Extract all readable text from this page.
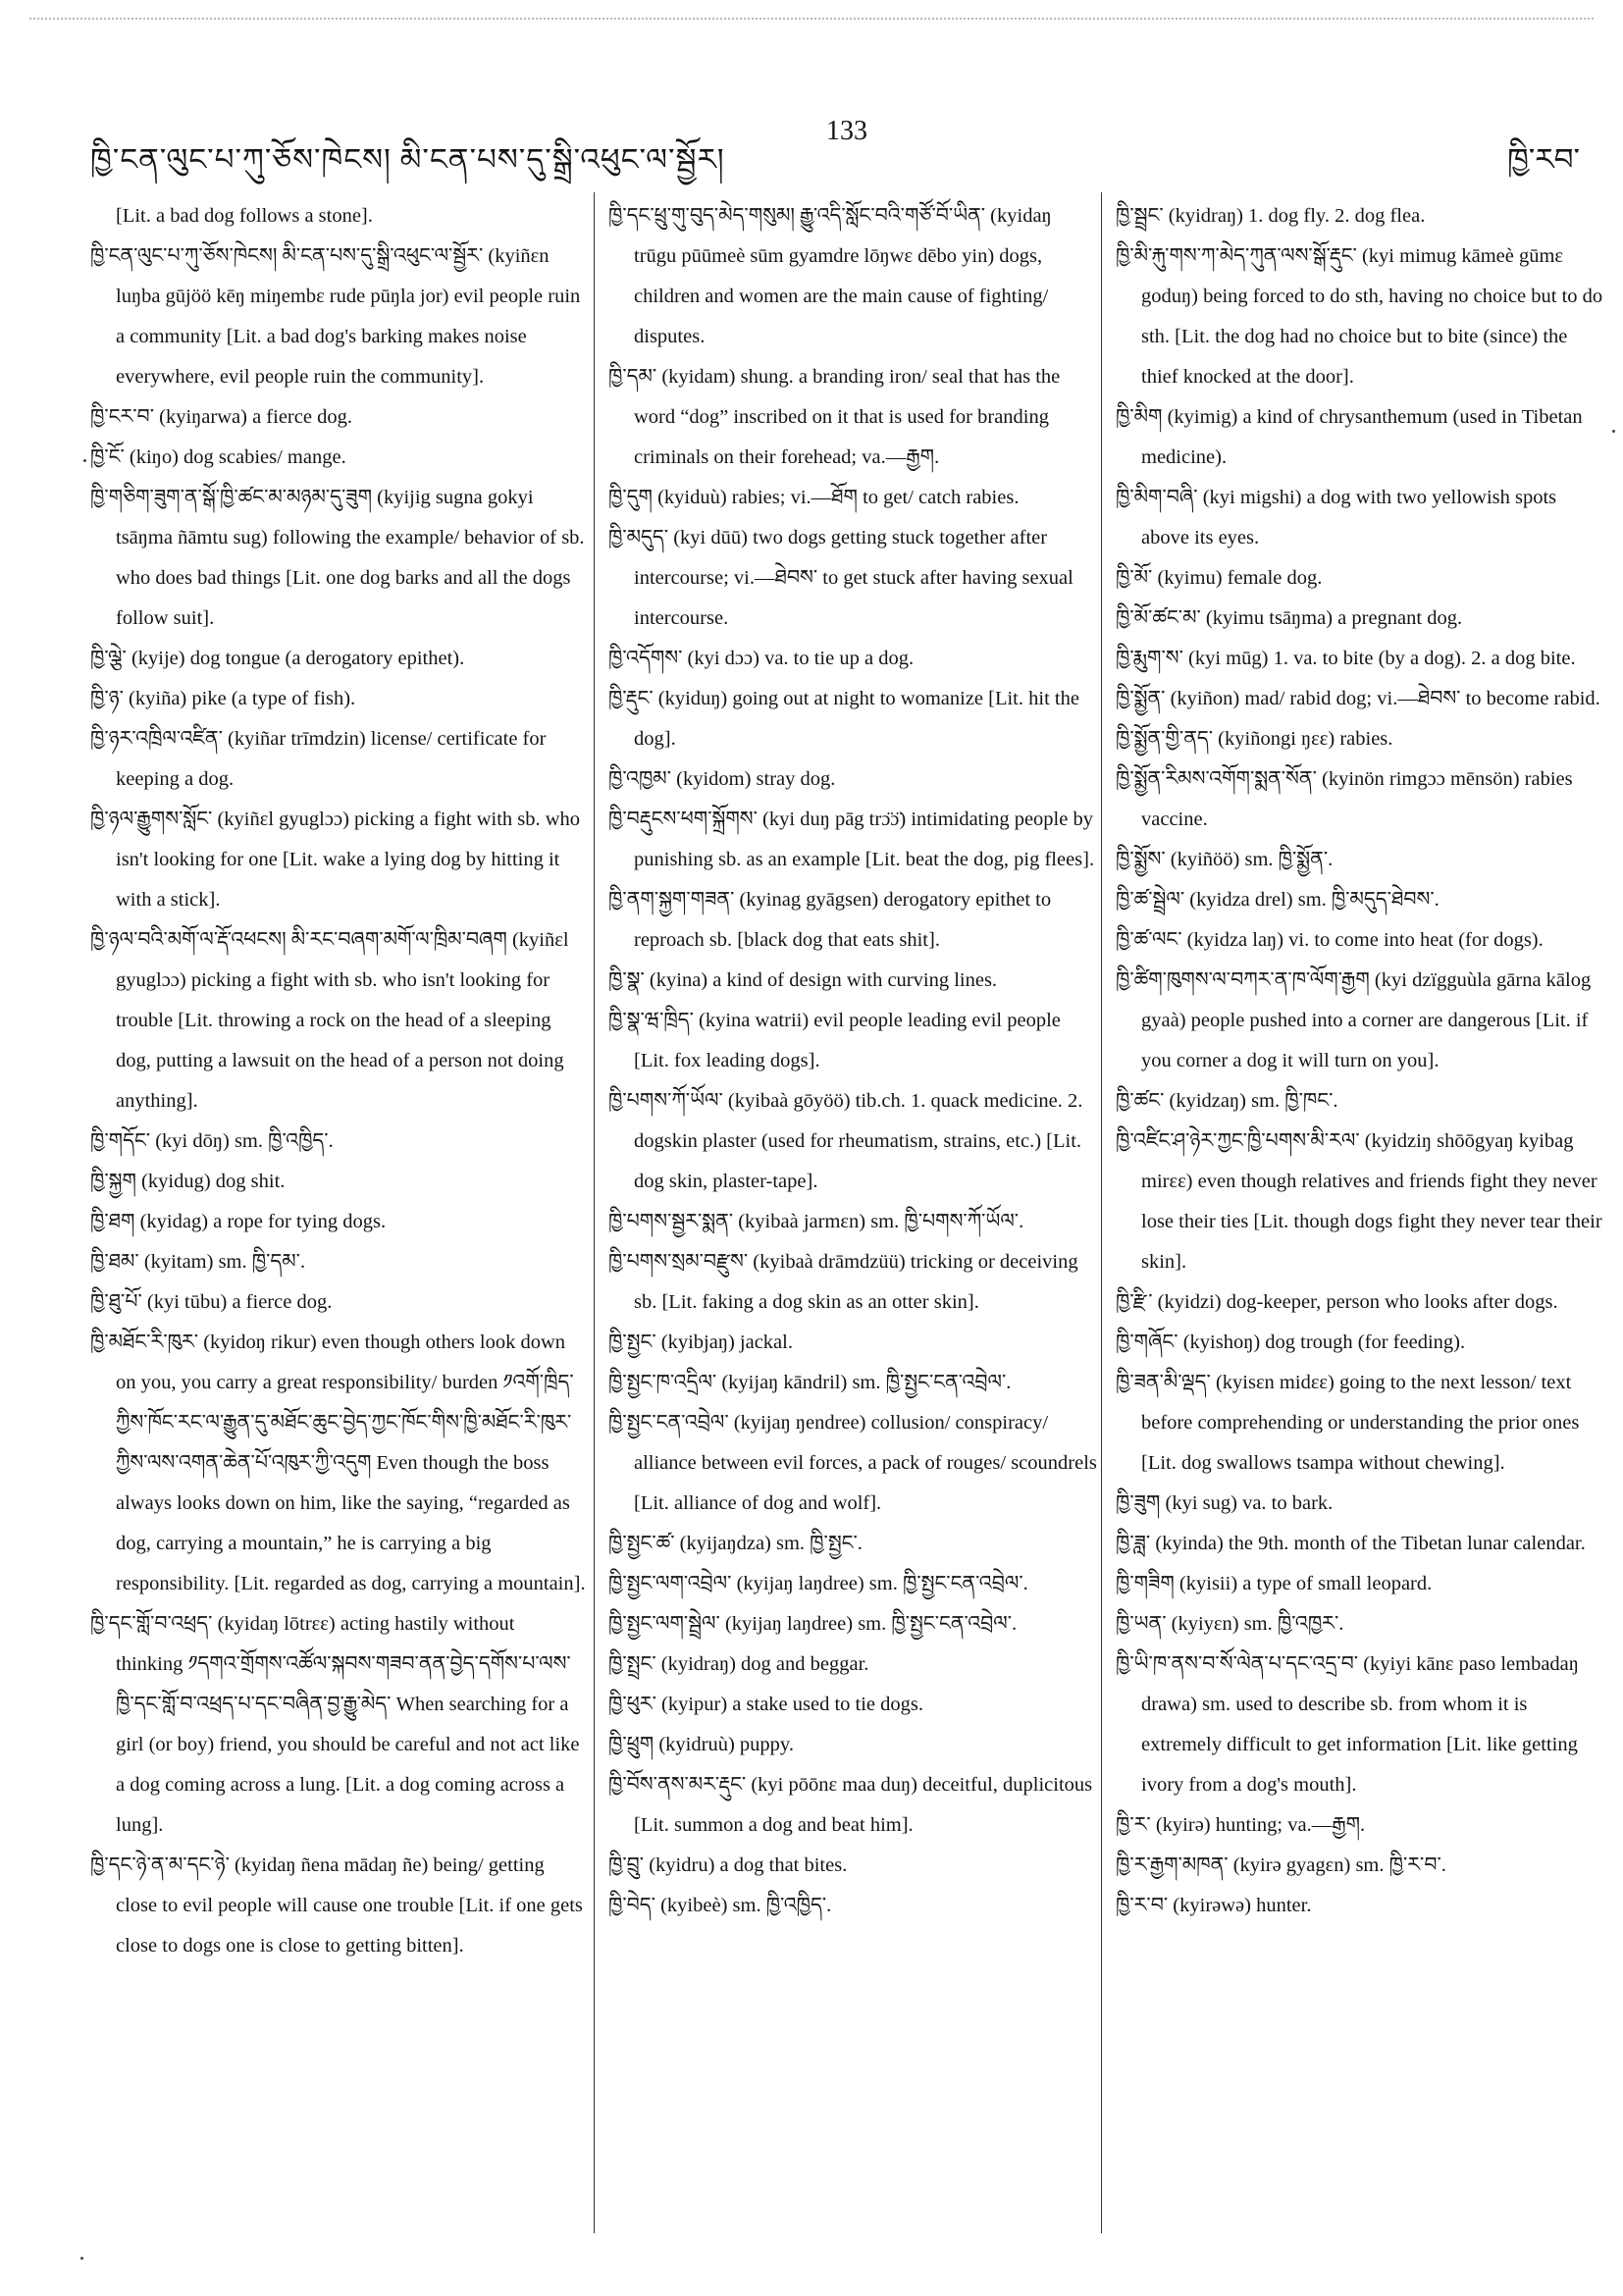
ཁྱི་ངན་ལུང་པ་ཀུ་ཅོས་ཁེངས། མི་ངན་པས་དུ་སྒྲི་འཕུང་ལ་སྦྱོར།
133
ཁྱི་རབ་
[Lit. a bad dog follows a stone].
ཁྱི་ངན་ལུང་པ་ཀུ་ཅོས་ཁེངས། མི་ངན་པས་དུ་སྒྲི་འཕུང་ལ་སྦྱོར་ (kyiñɛn luŋba gūjöö kēŋ miŋembɛ rude pūŋla jor) evil people ruin a community [Lit. a bad dog's barking makes noise everywhere, evil people ruin the community].
ཁྱི་ངར་བ་ (kyiŋarwa) a fierce dog.
ཁྱི་ངོ་ (kiŋo) dog scabies/ mange.
ཁྱི་གཅིག་ཟུག་ན་སྒོ་ཁྱི་ཚང་མ་མཉམ་དུ་ཟུག (kyijig sugna gokyi tsāŋma ñāmtu sug) following the example/ behavior of sb. who does bad things [Lit. one dog barks and all the dogs follow suit].
ཁྱི་ལྕེ་ (kyije) dog tongue (a derogatory epithet).
ཁྱི་ཉ་ (kyiña) pike (a type of fish).
ཁྱི་ཉར་འཁྲིལ་འཛིན་ (kyiñar trīmdzin) license/ certificate for keeping a dog.
ཁྱི་ཉལ་རྒྱུགས་སློང་ (kyiñɛl gyuglɔɔ) picking a fight with sb. who isn't looking for one [Lit. wake a lying dog by hitting it with a stick].
ཁྱི་ཉལ་བའི་མགོ་ལ་རྡོ་འཕངས། མི་རང་བཞག་མགོ་ལ་ཁྲིམ་བཞག (kyiñɛl gyuglɔɔ) picking a fight with sb. who isn't looking for trouble [Lit. throwing a rock on the head of a sleeping dog, putting a lawsuit on the head of a person not doing anything].
ཁྱི་གདོང་ (kyi dōŋ) sm. ཁྱི་འཁྱིད་.
ཁྱི་སྐྱག (kyidug) dog shit.
ཁྱི་ཐག (kyidag) a rope for tying dogs.
ཁྱི་ཐམ་ (kyitam) sm. ཁྱི་དམ་.
ཁྱི་ཐུ་པོ་ (kyi tūbu) a fierce dog.
ཁྱི་མཐོང་རི་ཁུར་ (kyidoŋ rikur) even though others look down on you, you carry a great responsibility/ burden ༡འགོ་ཁྲིད་ཀྱིས་ཁོང་རང་ལ་རྒྱུན་དུ་མཐོང་ཆུང་བྱེད་ཀྱང་ཁོང་གིས་ཁྱི་མཐོང་རི་ཁུར་ཀྱིས་ལས་འགན་ཆེན་པོ་འཁུར་ཀྱི་འདུག Even though the boss always looks down on him, like the saying, “regarded as dog, carrying a mountain,” he is carrying a big responsibility. [Lit. regarded as dog, carrying a mountain].
ཁྱི་དང་གློ་བ་འཕྲད་ (kyidaŋ lōtrɛɛ) acting hastily without thinking ༡དགའ་གྲོགས་འཚོལ་སྐབས་གཟབ་ནན་བྱེད་དགོས་པ་ལས་ཁྱི་དང་གློ་བ་འཕྲད་པ་དང་བཞིན་བྱ་རྒྱུ་མེད་ When searching for a girl (or boy) friend, you should be careful and not act like a dog coming across a lung. [Lit. a dog coming across a lung].
ཁྱི་དང་ཉེ་ན་མ་དང་ཉེ་ (kyidaŋ ñena mādaŋ ñe) being/ getting close to evil people will cause one trouble [Lit. if one gets close to dogs one is close to getting bitten].
ཁྱི་དང་ཕྲུ་གུ་བུད་མེད་གསུམ། རྒྱུ་འདི་སློང་བའི་གཙོ་བོ་ཡིན་ (kyidaŋ trūgu pūūmeè sūm gyamdre lōŋwɛ dēbo yin) dogs, children and women are the main cause of fighting/ disputes.
ཁྱི་དམ་ (kyidam) shung. a branding iron/ seal that has the word “dog” inscribed on it that is used for branding criminals on their forehead; va.—རྒྱག.
ཁྱི་དུག (kyiduù) rabies; vi.—ཐོག to get/ catch rabies.
ཁྱི་མདུད་ (kyi dūū) two dogs getting stuck together after intercourse; vi.—ཐེབས་ to get stuck after having sexual intercourse.
ཁྱི་འདོགས་ (kyi dɔɔ) va. to tie up a dog.
ཁྱི་རྡུང་ (kyiduŋ) going out at night to womanize [Lit. hit the dog].
ཁྱི་འཁྱམ་ (kyidom) stray dog.
ཁྱི་བརྡུངས་ཕག་སྐྲོགས་ (kyi duŋ pāg trɔ̈ɔ̈) intimidating people by punishing sb. as an example [Lit. beat the dog, pig flees].
ཁྱི་ནག་སྐྱག་གཟན་ (kyinag gyāgsen) derogatory epithet to reproach sb. [black dog that eats shit].
ཁྱི་སྣ་ (kyina) a kind of design with curving lines.
ཁྱི་སྣ་ཝ་ཁྲིད་ (kyina watrii) evil people leading evil people [Lit. fox leading dogs].
ཁྱི་པགས་ཀོ་ཡོལ་ (kyibaà gōyöö) tib.ch. 1. quack medicine. 2. dogskin plaster (used for rheumatism, strains, etc.) [Lit. dog skin, plaster-tape].
ཁྱི་པགས་སྦྱར་སྨན་ (kyibaà jarmɛn) sm. ཁྱི་པགས་ཀོ་ཡོལ་.
ཁྱི་པགས་སྲམ་བརྫུས་ (kyibaà drāmdzüü) tricking or deceiving sb. [Lit. faking a dog skin as an otter skin].
ཁྱི་སྤྱང་ (kyibjaŋ) jackal.
ཁྱི་སྤྱང་ཁ་འདྲིལ་ (kyijaŋ kāndril) sm. ཁྱི་སྤྱང་ངན་འབྲེལ་.
ཁྱི་སྤྱང་ངན་འབྲེལ་ (kyijaŋ ŋendree) collusion/ conspiracy/ alliance between evil forces, a pack of rouges/ scoundrels [Lit. alliance of dog and wolf].
ཁྱི་སྤྱང་ཚ་ (kyijaŋdza) sm. ཁྱི་སྤྱང་.
ཁྱི་སྤྱང་ལག་འབྲེལ་ (kyijaŋ laŋdree) sm. ཁྱི་སྤྱང་ངན་འབྲེལ་.
ཁྱི་སྤྱང་ལག་སྦྲེལ་ (kyijaŋ laŋdree) sm. ཁྱི་སྤྱང་ངན་འབྲེལ་.
ཁྱི་སྤྲང་ (kyidraŋ) dog and beggar.
ཁྱི་ཕུར་ (kyipur) a stake used to tie dogs.
ཁྱི་ཕྲུག (kyidruù) puppy.
ཁྱི་བོས་ནས་མར་རྡུང་ (kyi pōōnɛ maa duŋ) deceitful, duplicitous [Lit. summon a dog and beat him].
ཁྱི་བྲུ་ (kyidru) a dog that bites.
ཁྱི་བེད་ (kyibeè) sm. ཁྱི་འཁྱིད་.
ཁྱི་སྦྲང་ (kyidraŋ) 1. dog fly. 2. dog flea.
ཁྱི་མི་རྐུ་གས་ཀ་མེད་ཀུན་ལས་སྒོ་རྡུང་ (kyi mimug kāmeè gūmɛ goduŋ) being forced to do sth, having no choice but to do sth. [Lit. the dog had no choice but to bite (since) the thief knocked at the door].
ཁྱི་མིག (kyimig) a kind of chrysanthemum (used in Tibetan medicine).
ཁྱི་མིག་བཞི་ (kyi migshi) a dog with two yellowish spots above its eyes.
ཁྱི་མོ་ (kyimu) female dog.
ཁྱི་མོ་ཚང་མ་ (kyimu tsāŋma) a pregnant dog.
ཁྱི་རྨུག་ས་ (kyi mūg) 1. va. to bite (by a dog). 2. a dog bite.
ཁྱི་སྨྱོན་ (kyiñon) mad/ rabid dog; vi.—ཐེབས་ to become rabid.
ཁྱི་སྨྱོན་གྱི་ནད་ (kyiñongi ŋɛɛ) rabies.
ཁྱི་སྨྱོན་རིམས་འགོག་སྨན་སོན་ (kyinön rimgɔɔ mēnsön) rabies vaccine.
ཁྱི་སྨྱོས་ (kyiñöö) sm. ཁྱི་སྨྱོན་.
ཁྱི་ཚ་སྦྲེལ་ (kyidza drel) sm. ཁྱི་མདུད་ཐེབས་.
ཁྱི་ཚ་ལང་ (kyidza laŋ) vi. to come into heat (for dogs).
ཁྱི་ཚིག་ཁུགས་ལ་བཀར་ན་ཁ་ལོག་རྒྱག (kyi dzïgguùla gārna kālog gyaà) people pushed into a corner are dangerous [Lit. if you corner a dog it will turn on you].
ཁྱི་ཚང་ (kyidzaŋ) sm. ཁྱི་ཁང་.
ཁྱི་འཛིང་ཤ་ཉེར་ཀྱང་ཁྱི་པགས་མི་རལ་ (kyidziŋ shōōgyaŋ kyibag mirɛɛ) even though relatives and friends fight they never lose their ties [Lit. though dogs fight they never tear their skin].
ཁྱི་རྫི་ (kyidzi) dog-keeper, person who looks after dogs.
ཁྱི་གཞོང་ (kyishoŋ) dog trough (for feeding).
ཁྱི་ཟན་མི་ལྡད་ (kyisɛn midɛɛ) going to the next lesson/ text before comprehending or understanding the prior ones [Lit. dog swallows tsampa without chewing].
ཁྱི་ཟུག (kyi sug) va. to bark.
ཁྱི་ཟླ་ (kyinda) the 9th. month of the Tibetan lunar calendar.
ཁྱི་གཟིག (kyisii) a type of small leopard.
ཁྱི་ཡན་ (kyiyɛn) sm. ཁྱི་འཁྱར་.
ཁྱི་ཡི་ཁ་ནས་བ་སོ་ལེན་པ་དང་འདྲ་བ་ (kyiyi kānɛ paso lembadaŋ drawa) sm. used to describe sb. from whom it is extremely difficult to get information [Lit. like getting ivory from a dog's mouth].
ཁྱི་ར་ (kyirə) hunting; va.—རྒྱག.
ཁྱི་ར་རྒྱག་མཁན་ (kyirə gyagɛn) sm. ཁྱི་ར་བ་.
ཁྱི་ར་བ་ (kyirəwə) hunter.
